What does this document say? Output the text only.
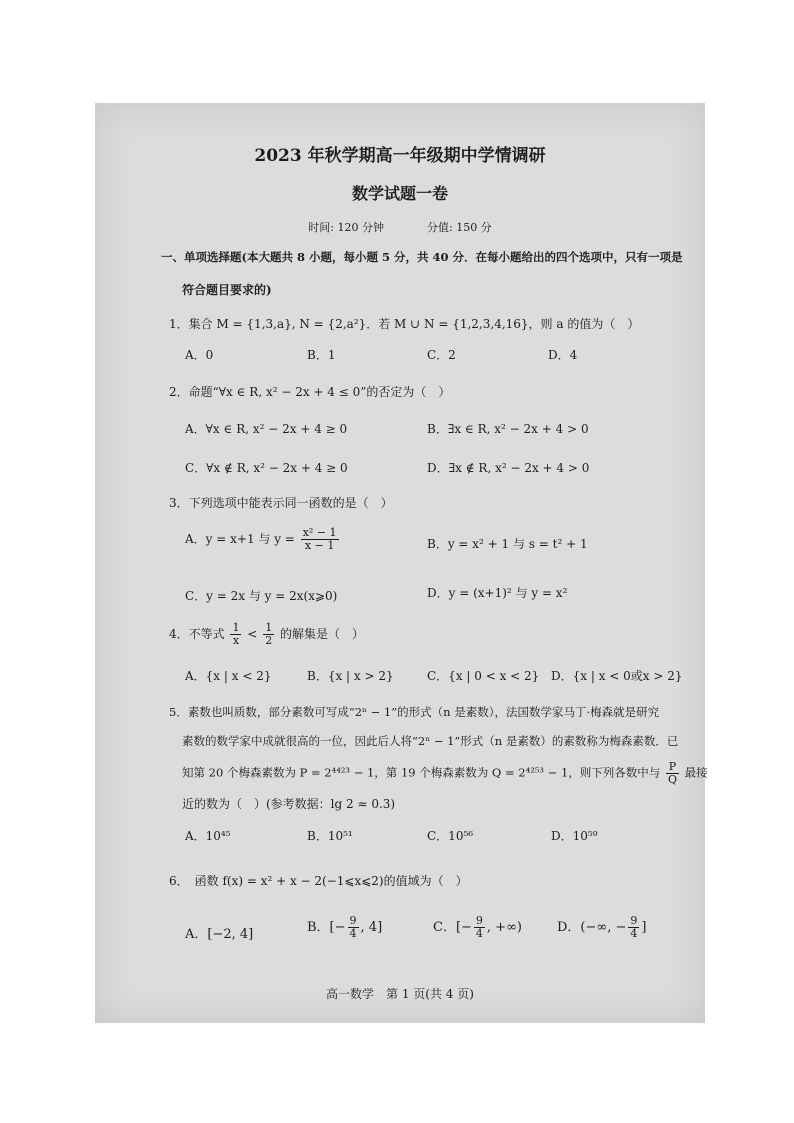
2023 年秋学期高一年级期中学情调研
数学试题一卷
时间: 120 分钟	分值: 150 分
一、单项选择题(本大题共 8 小题，每小题 5 分，共 40 分．在每小题给出的四个选项中，只有一项是
符合题目要求的)
1．集合 M = {1,3,a}, N = {2,a²}．若 M ∪ N = {1,2,3,4,16}，则 a 的值为（　）
A．0	B．1	C．2	D．4
2．命题“∀x ∈ R, x² − 2x + 4 ≤ 0”的否定为（　）
A．∀x ∈ R, x² − 2x + 4 ≥ 0	B．∃x ∈ R, x² − 2x + 4 > 0
C．∀x ∉ R, x² − 2x + 4 ≥ 0	D．∃x ∉ R, x² − 2x + 4 > 0
3．下列选项中能表示同一函数的是（　）
A．y = x+1 与 $y = \frac{\text{x² − 1}}{x - 1}$	B．y = x² + 1 与 s = t² + 1
C．y = 2x 与 y = 2x(x⩾0)	D．y = (x+1)² 与 y = x²
4．不等式 $\frac{1}{x} < \frac{1}{2}$ 的解集是（　）
A．{x | x < 2}	B．{x | x > 2}	C．{x | 0 < x < 2} D．{x | x < 0或x > 2}
5．素数也叫质数，部分素数可写成“2ⁿ − 1”的形式（n 是素数），法国数学家马丁·梅森就是研究
素数的数学家中成就很高的一位，因此后人将“2ⁿ − 1”形式（n 是素数）的素数称为梅森素数．已
知第 20 个梅森素数为 P = 2⁴⁴²³ − 1，第 19 个梅森素数为 Q = 2⁴²⁵³ − 1，则下列各数中与 $\frac{P}{Q}$ 最接
近的数为（　）(参考数据：lg 2 ≈ 0.3)
A．10⁴⁵	B．10⁵¹	C．10⁵⁶	D．10⁵⁹
6．　函数 f(x) = x² + x − 2(−1⩽x⩽2)的值域为（　）
A．[−2, 4]	B．[− $\frac{9}{4}$ , 4]	C．[− $\frac{9}{4}$ , +∞)	D．(−∞, − $\frac{9}{4}$ ]
高一数学　第 1 页(共 4 页)
